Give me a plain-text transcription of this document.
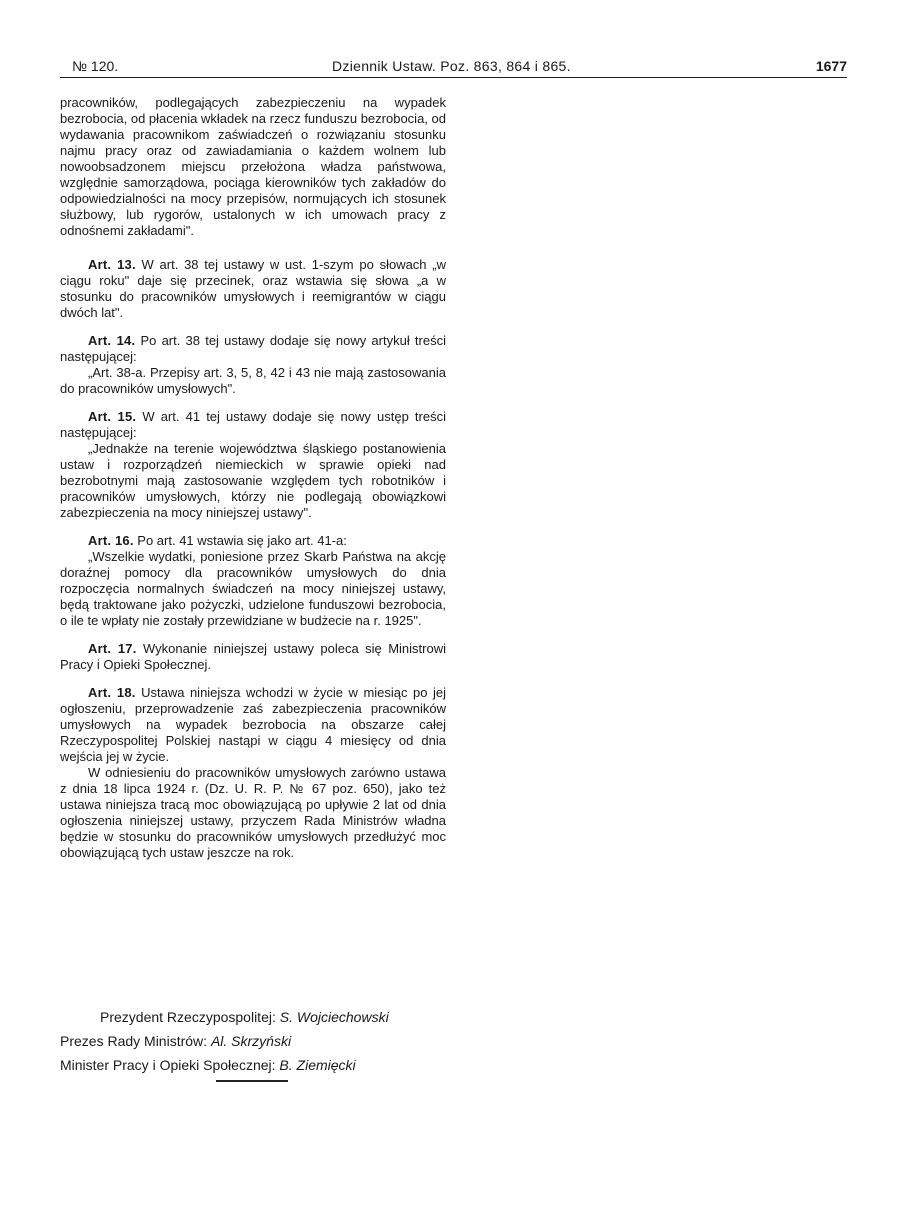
№ 120.	Dziennik Ustaw. Poz. 863, 864 i 865.	1677

pracowników, podlegających zabezpieczeniu na wypadek bezrobocia, od płacenia wkładek na rzecz funduszu bezrobocia, od wydawania pracownikom zaświadczeń o rozwiązaniu stosunku najmu pracy oraz od zawiadamiania o każdem wolnem lub nowoobsadzonem miejscu przełożona władza państwowa, względnie samorządowa, pociąga kierowników tych zakładów do odpowiedzialności na mocy przepisów, normujących ich stosunek służbowy, lub rygorów, ustalonych w ich umowach pracy z odnośnemi zakładami".

Art. 13. W art. 38 tej ustawy w ust. 1-szym po słowach „w ciągu roku" daje się przecinek, oraz wstawia się słowa „a w stosunku do pracowników umysłowych i reemigrantów w ciągu dwóch lat".

Art. 14. Po art. 38 tej ustawy dodaje się nowy artykuł treści następującej:

„Art. 38-a. Przepisy art. 3, 5, 8, 42 i 43 nie mają zastosowania do pracowników umysłowych".

Art. 15. W art. 41 tej ustawy dodaje się nowy ustęp treści następującej:

„Jednakże na terenie województwa śląskiego postanowienia ustaw i rozporządzeń niemieckich w sprawie opieki nad bezrobotnymi mają zastosowanie względem tych robotników i pracowników umysłowych, którzy nie podlegają obowiązkowi zabezpieczenia na mocy niniejszej ustawy".

Art. 16. Po art. 41 wstawia się jako art. 41-a:

„Wszelkie wydatki, poniesione przez Skarb Państwa na akcję doraźnej pomocy dla pracowników umysłowych do dnia rozpoczęcia normalnych świadczeń na mocy niniejszej ustawy, będą traktowane jako pożyczki, udzielone funduszowi bezrobocia, o ile te wpłaty nie zostały przewidziane w budżecie na r. 1925".

Art. 17. Wykonanie niniejszej ustawy poleca się Ministrowi Pracy i Opieki Społecznej.

Art. 18. Ustawa niniejsza wchodzi w życie w miesiąc po jej ogłoszeniu, przeprowadzenie zaś zabezpieczenia pracowników umysłowych na wypadek bezrobocia na obszarze całej Rzeczypospolitej Polskiej nastąpi w ciągu 4 miesięcy od dnia wejścia jej w życie.

W odniesieniu do pracowników umysłowych zarówno ustawa z dnia 18 lipca 1924 r. (Dz. U. R. P. № 67 poz. 650), jako też ustawa niniejsza tracą moc obowiązującą po upływie 2 lat od dnia ogłoszenia niniejszej ustawy, przyczem Rada Ministrów władna będzie w stosunku do pracowników umysłowych przedłużyć moc obowiązującą tych ustaw jeszcze na rok.

Prezydent Rzeczypospolitej: S. Wojciechowski
Prezes Rady Ministrów: Al. Skrzyński
Minister Pracy i Opieki Społecznej: B. Ziemięcki
